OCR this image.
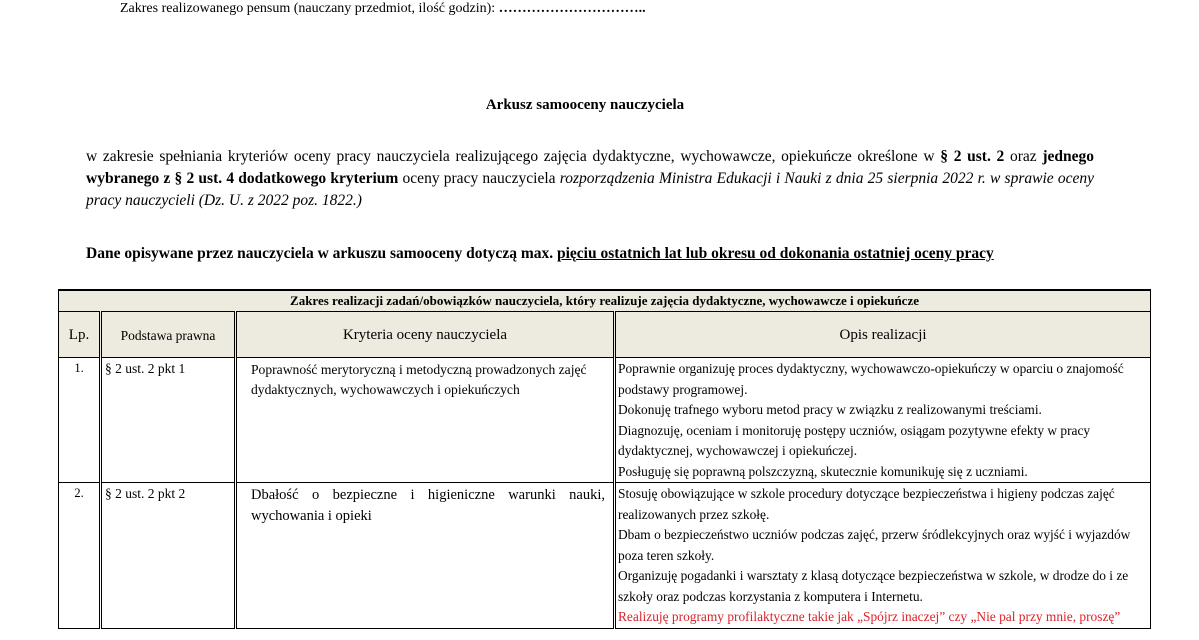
Zakres realizowanego pensum (nauczany przedmiot, ilość godzin): …………………………..
Arkusz samooceny nauczyciela
w zakresie spełniania kryteriów oceny pracy nauczyciela realizującego zajęcia dydaktyczne, wychowawcze, opiekuńcze określone w § 2 ust. 2 oraz jednego wybranego z § 2 ust. 4 dodatkowego kryterium oceny pracy nauczyciela rozporządzenia Ministra Edukacji i Nauki z dnia 25 sierpnia 2022 r. w sprawie oceny pracy nauczycieli (Dz. U. z 2022 poz. 1822.)
Dane opisywane przez nauczyciela w arkuszu samooceny dotyczą max. pięciu ostatnich lat lub okresu od dokonania ostatniej oceny pracy
Zakres realizacji zadań/obowiązków nauczyciela, który realizuje zajęcia dydaktyczne, wychowawcze i opiekuńcze			
Lp.	Podstawa prawna	Kryteria oceny nauczyciela	Opis realizacji
1.	§ 2 ust. 2 pkt 1	Poprawność merytoryczną i metodyczną prowadzonych zajęć dydaktycznych, wychowawczych i opiekuńczych	Poprawnie organizuję proces dydaktyczny, wychowawczo-opiekuńczy w oparciu o znajomość podstawy programowej.
Dokonuję trafnego wyboru metod pracy w związku z realizowanymi treściami.
Diagnozuję, oceniam i monitoruję postępy uczniów, osiągam pozytywne efekty w pracy dydaktycznej, wychowawczej i opiekuńczej.
Posługuję się poprawną polszczyzną, skutecznie komunikuję się z uczniami.

2.	§ 2 ust. 2 pkt 2	Dbałość o bezpieczne i higieniczne warunki nauki, wychowania i opieki	Stosuję obowiązujące w szkole procedury dotyczące bezpieczeństwa i higieny podczas zajęć realizowanych przez szkołę.
Dbam o bezpieczeństwo uczniów podczas zajęć, przerw śródlekcyjnych oraz wyjść i wyjazdów poza teren szkoły.
Organizuję pogadanki i warsztaty z klasą dotyczące bezpieczeństwa w szkole, w drodze do i ze szkoły oraz podczas korzystania z komputera i Internetu.
Realizuję programy profilaktyczne takie jak „Spójrz inaczej” czy „Nie pal przy mnie, proszę”
